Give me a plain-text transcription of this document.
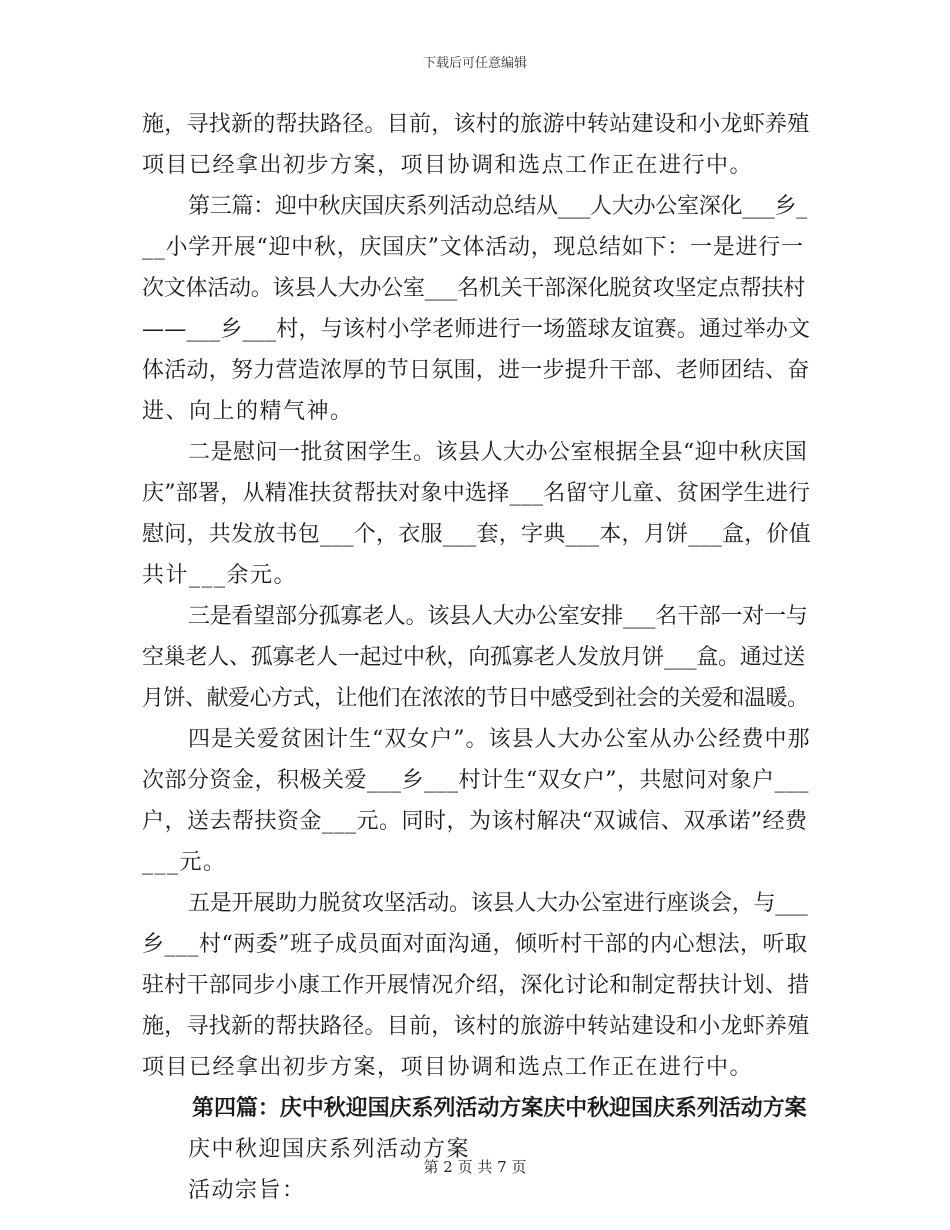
下载后可任意编辑
施，寻找新的帮扶路径。目前，该村的旅游中转站建设和小龙虾养殖
项目已经拿出初步方案，项目协调和选点工作正在进行中。
第三篇：迎中秋庆国庆系列活动总结从___人大办公室深化___乡_
__小学开展“迎中秋，庆国庆”文体活动，现总结如下：一是进行一
次文体活动。该县人大办公室___名机关干部深化脱贫攻坚定点帮扶村
——___乡___村，与该村小学老师进行一场篮球友谊赛。通过举办文
体活动，努力营造浓厚的节日氛围，进一步提升干部、老师团结、奋
进、向上的精气神。
二是慰问一批贫困学生。该县人大办公室根据全县“迎中秋庆国
庆”部署，从精准扶贫帮扶对象中选择___名留守儿童、贫困学生进行
慰问，共发放书包___个，衣服___套，字典___本，月饼___盒，价值
共计___余元。
三是看望部分孤寡老人。该县人大办公室安排___名干部一对一与
空巢老人、孤寡老人一起过中秋，向孤寡老人发放月饼___盒。通过送
月饼、献爱心方式，让他们在浓浓的节日中感受到社会的关爱和温暖。
四是关爱贫困计生“双女户”。该县人大办公室从办公经费中那
次部分资金，积极关爱___乡___村计生“双女户”，共慰问对象户___
户，送去帮扶资金___元。同时，为该村解决“双诚信、双承诺”经费
___元。
五是开展助力脱贫攻坚活动。该县人大办公室进行座谈会，与___
乡___村“两委”班子成员面对面沟通，倾听村干部的内心想法，听取
驻村干部同步小康工作开展情况介绍，深化讨论和制定帮扶计划、措
施，寻找新的帮扶路径。目前，该村的旅游中转站建设和小龙虾养殖
项目已经拿出初步方案，项目协调和选点工作正在进行中。
第四篇：庆中秋迎国庆系列活动方案庆中秋迎国庆系列活动方案
庆中秋迎国庆系列活动方案
活动宗旨：
第 2 页 共 7 页
